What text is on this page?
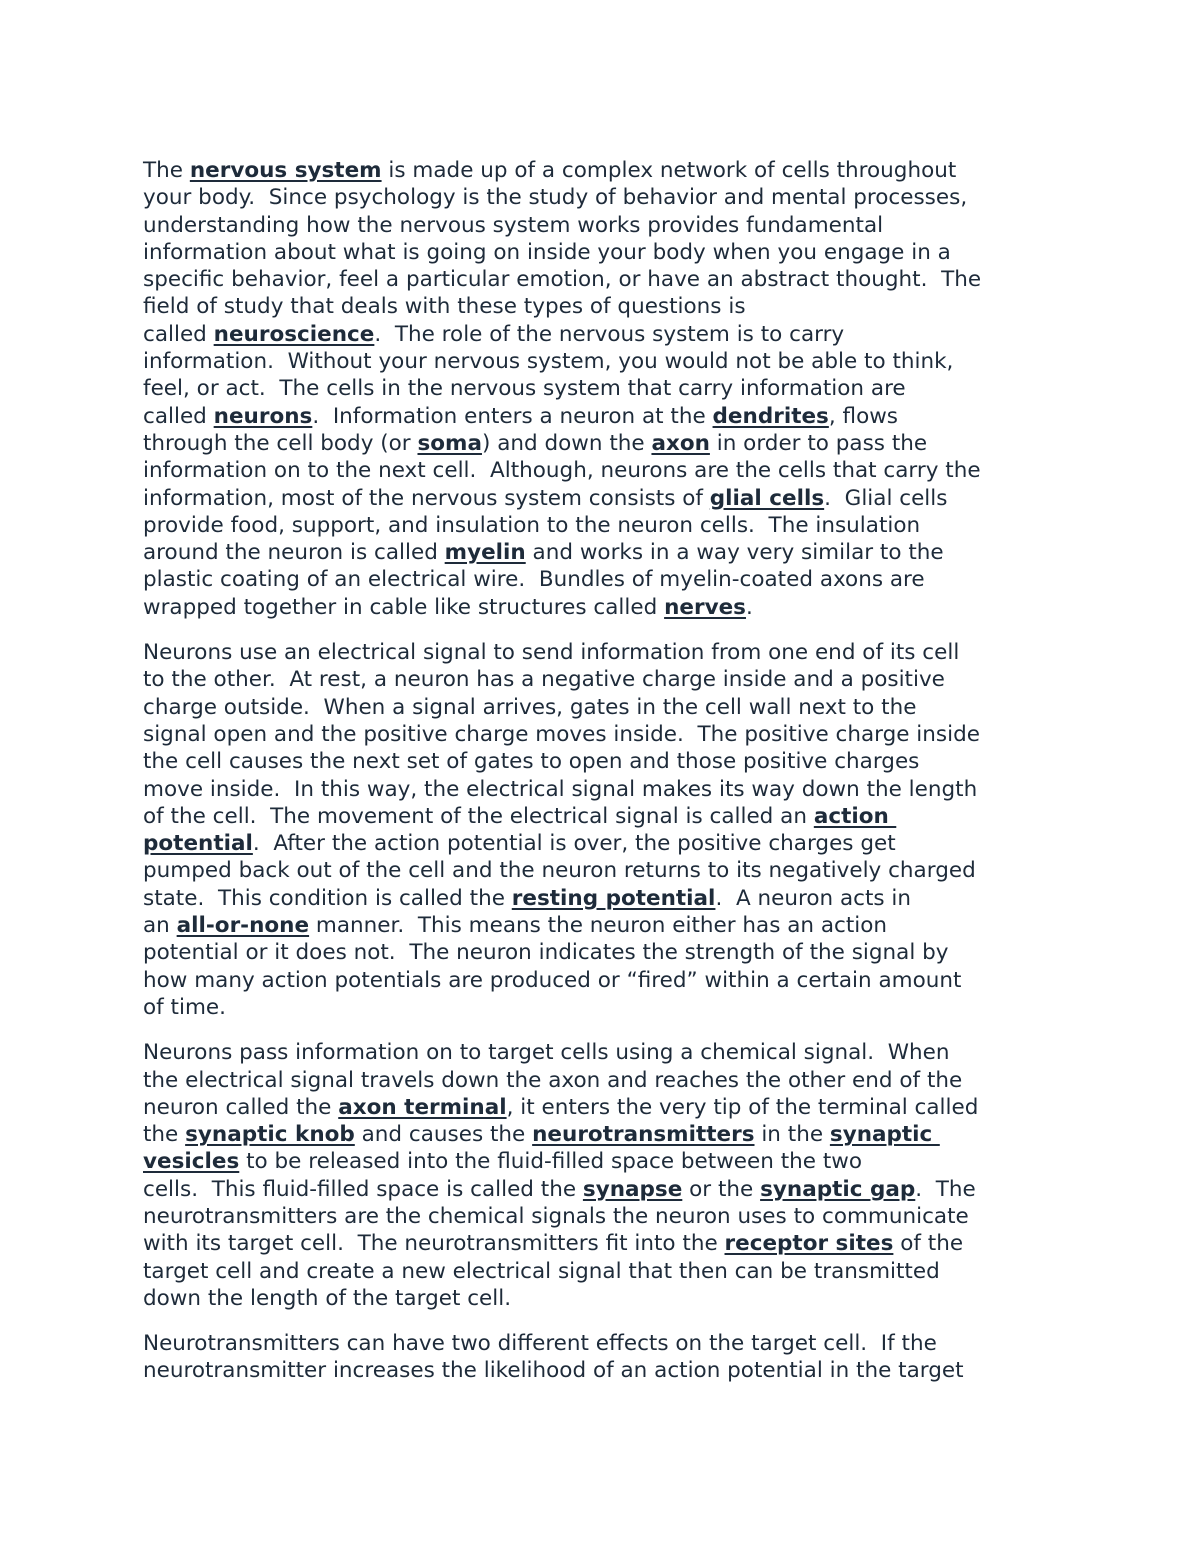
The nervous system is made up of a complex network of cells throughout
your body.  Since psychology is the study of behavior and mental processes,
understanding how the nervous system works provides fundamental
information about what is going on inside your body when you engage in a
specific behavior, feel a particular emotion, or have an abstract thought.  The
field of study that deals with these types of questions is
called neuroscience.  The role of the nervous system is to carry
information.  Without your nervous system, you would not be able to think,
feel, or act.  The cells in the nervous system that carry information are
called neurons.  Information enters a neuron at the dendrites, flows
through the cell body (or soma) and down the axon in order to pass the
information on to the next cell.  Although, neurons are the cells that carry the
information, most of the nervous system consists of glial cells.  Glial cells
provide food, support, and insulation to the neuron cells.  The insulation
around the neuron is called myelin and works in a way very similar to the
plastic coating of an electrical wire.  Bundles of myelin-coated axons are
wrapped together in cable like structures called nerves.
Neurons use an electrical signal to send information from one end of its cell
to the other.  At rest, a neuron has a negative charge inside and a positive
charge outside.  When a signal arrives, gates in the cell wall next to the
signal open and the positive charge moves inside.  The positive charge inside
the cell causes the next set of gates to open and those positive charges
move inside.  In this way, the electrical signal makes its way down the length
of the cell.  The movement of the electrical signal is called an action
potential.  After the action potential is over, the positive charges get
pumped back out of the cell and the neuron returns to its negatively charged
state.  This condition is called the resting potential.  A neuron acts in
an all-or-none manner.  This means the neuron either has an action
potential or it does not.  The neuron indicates the strength of the signal by
how many action potentials are produced or “fired” within a certain amount
of time.
Neurons pass information on to target cells using a chemical signal.  When
the electrical signal travels down the axon and reaches the other end of the
neuron called the axon terminal, it enters the very tip of the terminal called
the synaptic knob and causes the neurotransmitters in the synaptic
vesicles to be released into the fluid-filled space between the two
cells.  This fluid-filled space is called the synapse or the synaptic gap.  The
neurotransmitters are the chemical signals the neuron uses to communicate
with its target cell.  The neurotransmitters fit into the receptor sites of the
target cell and create a new electrical signal that then can be transmitted
down the length of the target cell.
Neurotransmitters can have two different effects on the target cell.  If the
neurotransmitter increases the likelihood of an action potential in the target
